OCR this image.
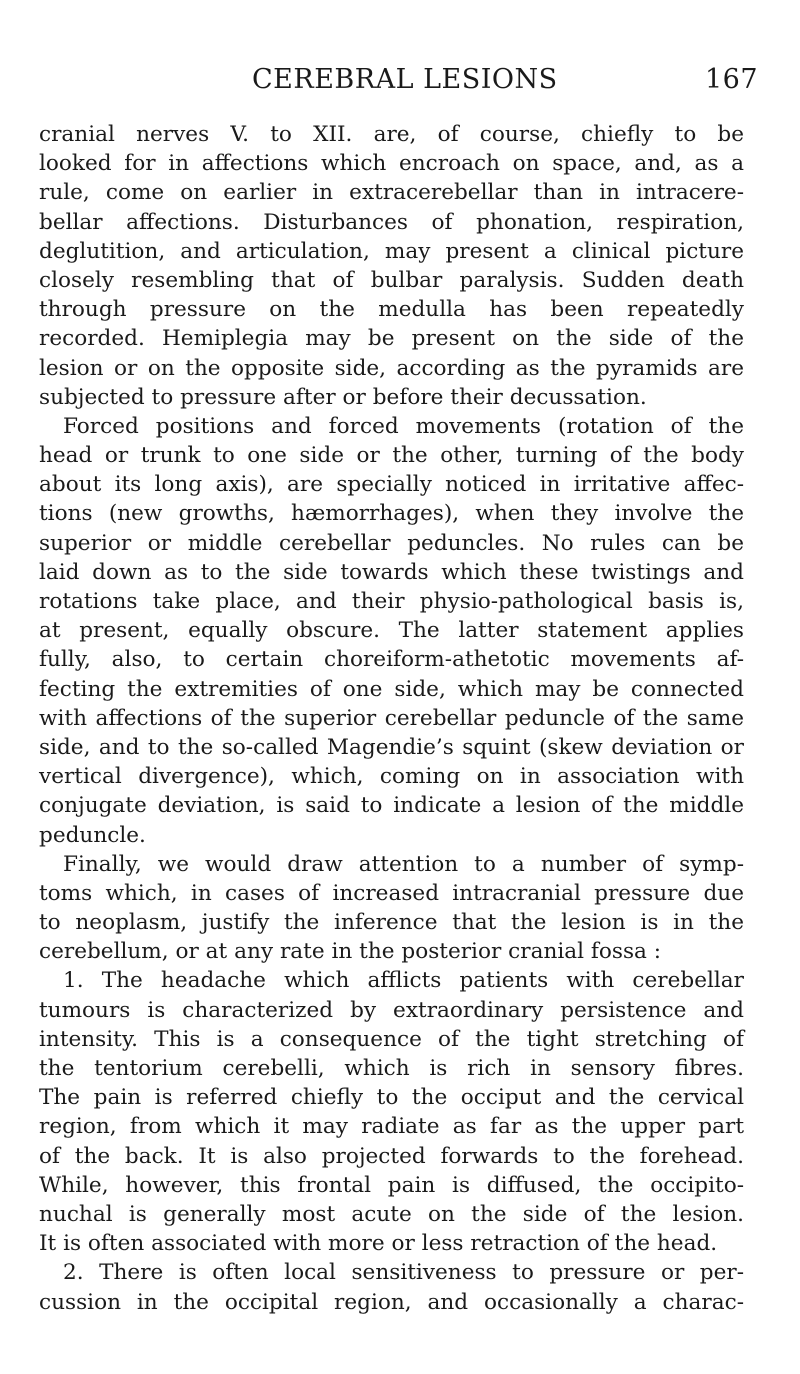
CEREBRAL LESIONS	167
cranial nerves V. to XII. are, of course, chiefly to be
looked for in affections which encroach on space, and, as a
rule, come on earlier in extracerebellar than in intracere-
bellar affections. Disturbances of phonation, respiration,
deglutition, and articulation, may present a clinical picture
closely resembling that of bulbar paralysis. Sudden death
through pressure on the medulla has been repeatedly
recorded. Hemiplegia may be present on the side of the
lesion or on the opposite side, according as the pyramids are
subjected to pressure after or before their decussation.
Forced positions and forced movements (rotation of the
head or trunk to one side or the other, turning of the body
about its long axis), are specially noticed in irritative affec-
tions (new growths, hæmorrhages), when they involve the
superior or middle cerebellar peduncles. No rules can be
laid down as to the side towards which these twistings and
rotations take place, and their physio-pathological basis is,
at present, equally obscure. The latter statement applies
fully, also, to certain choreiform-athetotic movements af-
fecting the extremities of one side, which may be connected
with affections of the superior cerebellar peduncle of the same
side, and to the so-called Magendie’s squint (skew deviation or
vertical divergence), which, coming on in association with
conjugate deviation, is said to indicate a lesion of the middle
peduncle.
Finally, we would draw attention to a number of symp-
toms which, in cases of increased intracranial pressure due
to neoplasm, justify the inference that the lesion is in the
cerebellum, or at any rate in the posterior cranial fossa :
1. The headache which afflicts patients with cerebellar
tumours is characterized by extraordinary persistence and
intensity. This is a consequence of the tight stretching of
the tentorium cerebelli, which is rich in sensory fibres.
The pain is referred chiefly to the occiput and the cervical
region, from which it may radiate as far as the upper part
of the back. It is also projected forwards to the forehead.
While, however, this frontal pain is diffused, the occipito-
nuchal is generally most acute on the side of the lesion.
It is often associated with more or less retraction of the head.
2. There is often local sensitiveness to pressure or per-
cussion in the occipital region, and occasionally a charac-
